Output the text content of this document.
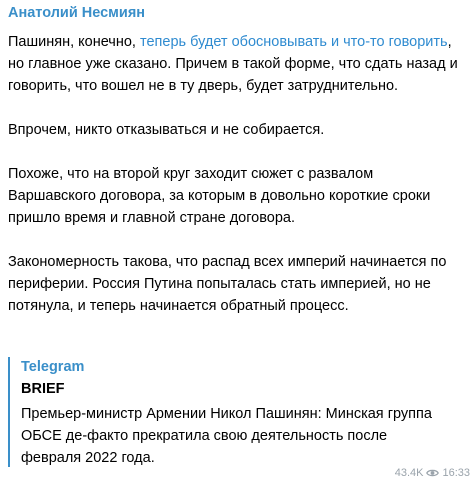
Анатолий Несмиян

Пашинян, конечно, теперь будет обосновывать и что-то говорить, но главное уже сказано. Причем в такой форме, что сдать назад и говорить, что вошел не в ту дверь, будет затруднительно.

Впрочем, никто отказываться и не собирается.

Похоже, что на второй круг заходит сюжет с развалом Варшавского договора, за которым в довольно короткие сроки пришло время и главной стране договора.

Закономерность такова, что распад всех империй начинается по периферии. Россия Путина попыталась стать империей, но не потянула, и теперь начинается обратный процесс.

Telegram
BRIEF
Премьер-министр Армении Никол Пашинян: Минская группа ОБСЕ де-факто прекратила свою деятельность после февраля 2022 года.
43.4K 16:33
